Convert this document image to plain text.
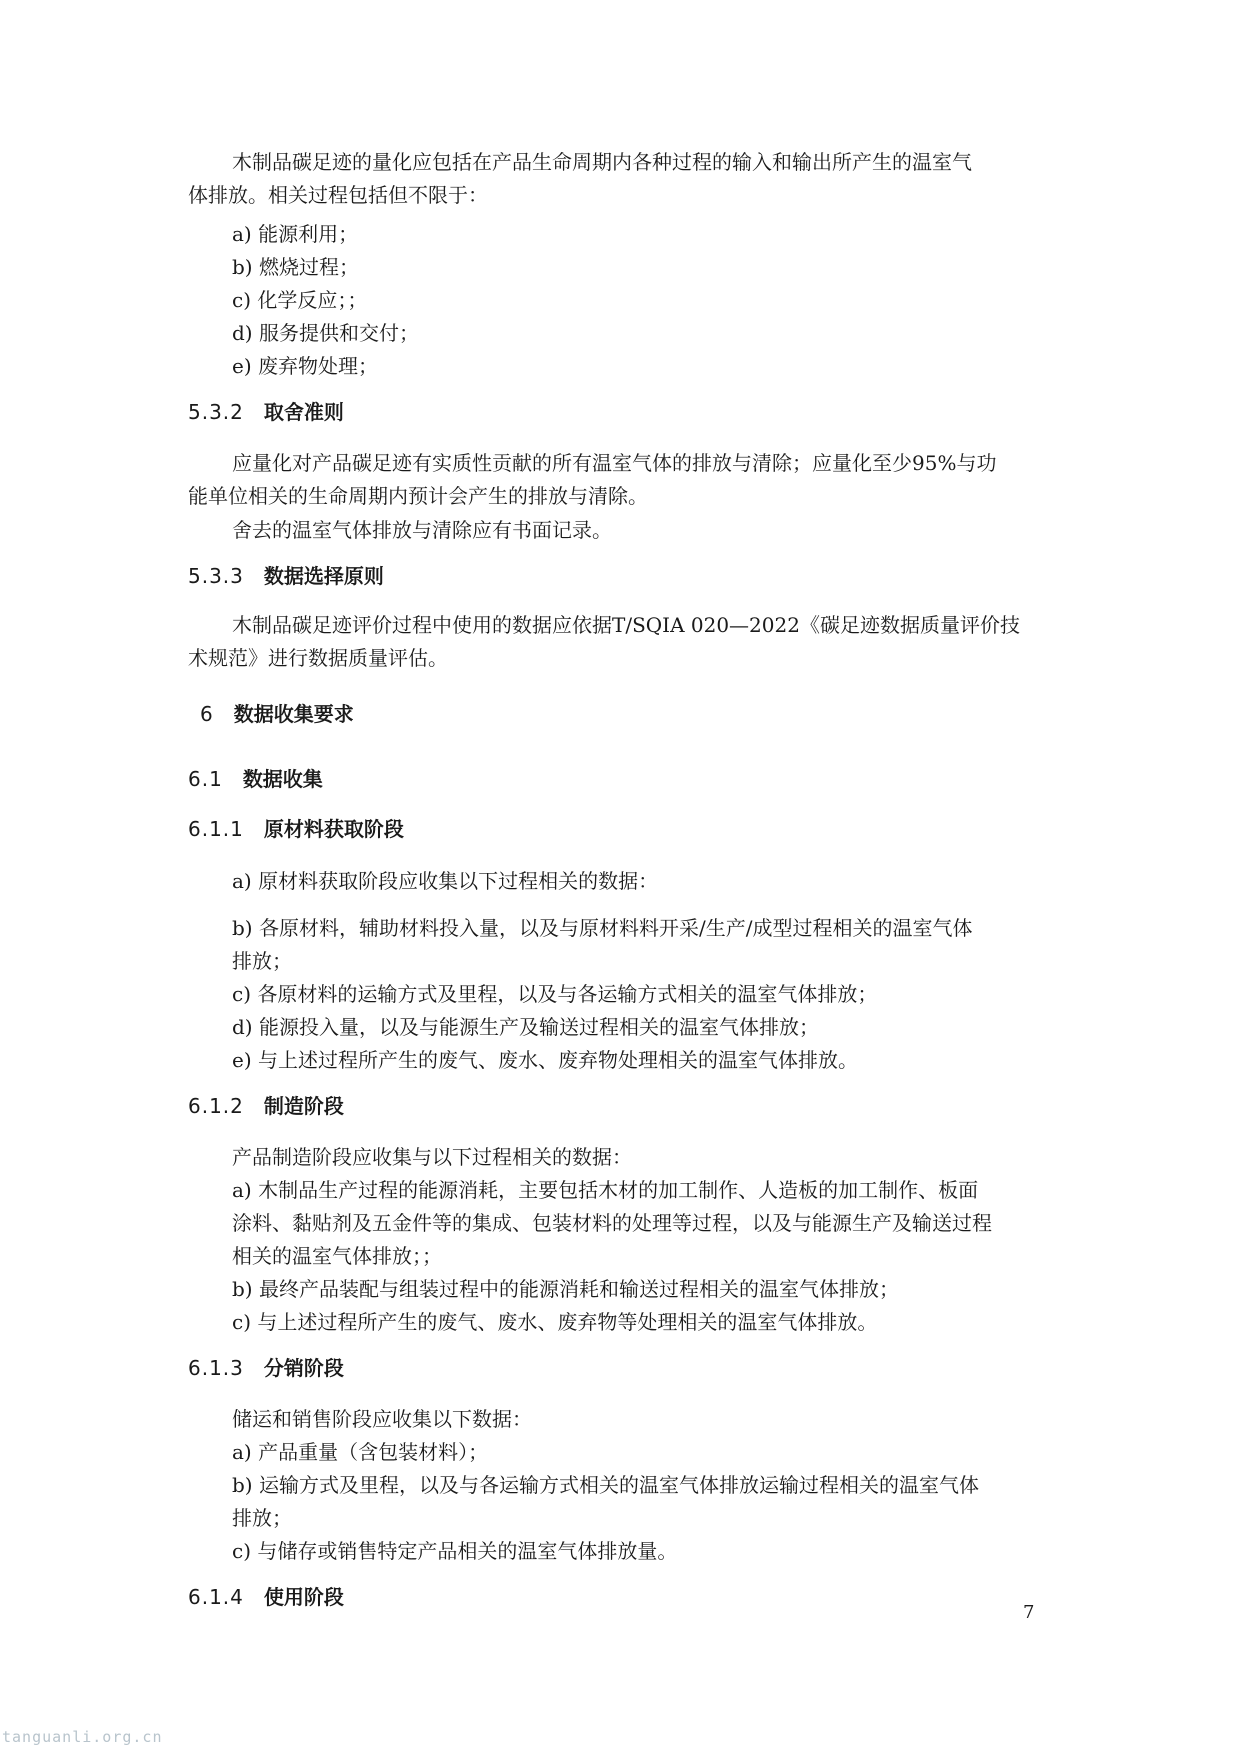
木制品碳足迹的量化应包括在产品生命周期内各种过程的输入和输出所产生的温室气
体排放。相关过程包括但不限于：
a) 能源利用；
b) 燃烧过程；
c) 化学反应；；
d) 服务提供和交付；
e) 废弃物处理；
5.3.2 取舍准则
应量化对产品碳足迹有实质性贡献的所有温室气体的排放与清除；应量化至少95%与功
能单位相关的生命周期内预计会产生的排放与清除。
舍去的温室气体排放与清除应有书面记录。
5.3.3 数据选择原则
木制品碳足迹评价过程中使用的数据应依据T/SQIA 020—2022《碳足迹数据质量评价技
术规范》进行数据质量评估。
6 数据收集要求
6.1 数据收集
6.1.1 原材料获取阶段
a) 原材料获取阶段应收集以下过程相关的数据：
b) 各原材料，辅助材料投入量，以及与原材料料开采/生产/成型过程相关的温室气体
排放；
c) 各原材料的运输方式及里程，以及与各运输方式相关的温室气体排放；
d) 能源投入量，以及与能源生产及输送过程相关的温室气体排放；
e) 与上述过程所产生的废气、废水、废弃物处理相关的温室气体排放。
6.1.2 制造阶段
产品制造阶段应收集与以下过程相关的数据：
a) 木制品生产过程的能源消耗，主要包括木材的加工制作、人造板的加工制作、板面
涂料、黏贴剂及五金件等的集成、包装材料的处理等过程，以及与能源生产及输送过程
相关的温室气体排放；；
b) 最终产品装配与组装过程中的能源消耗和输送过程相关的温室气体排放；
c) 与上述过程所产生的废气、废水、废弃物等处理相关的温室气体排放。
6.1.3 分销阶段
储运和销售阶段应收集以下数据：
a) 产品重量（含包装材料）；
b) 运输方式及里程，以及与各运输方式相关的温室气体排放运输过程相关的温室气体
排放；
c) 与储存或销售特定产品相关的温室气体排放量。
6.1.4 使用阶段
7
tanguanli.org.cn
